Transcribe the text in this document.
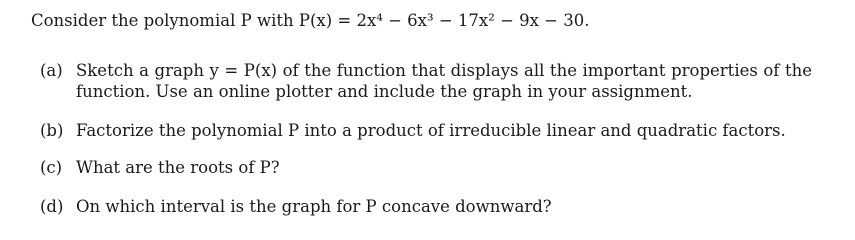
Consider the polynomial P with P(x) = 2x⁴ − 6x³ − 17x² − 9x − 30.
(a) Sketch a graph y = P(x) of the function that displays all the important properties of the
function. Use an online plotter and include the graph in your assignment.
(b) Factorize the polynomial P into a product of irreducible linear and quadratic factors.
(c) What are the roots of P?
(d) On which interval is the graph for P concave downward?
